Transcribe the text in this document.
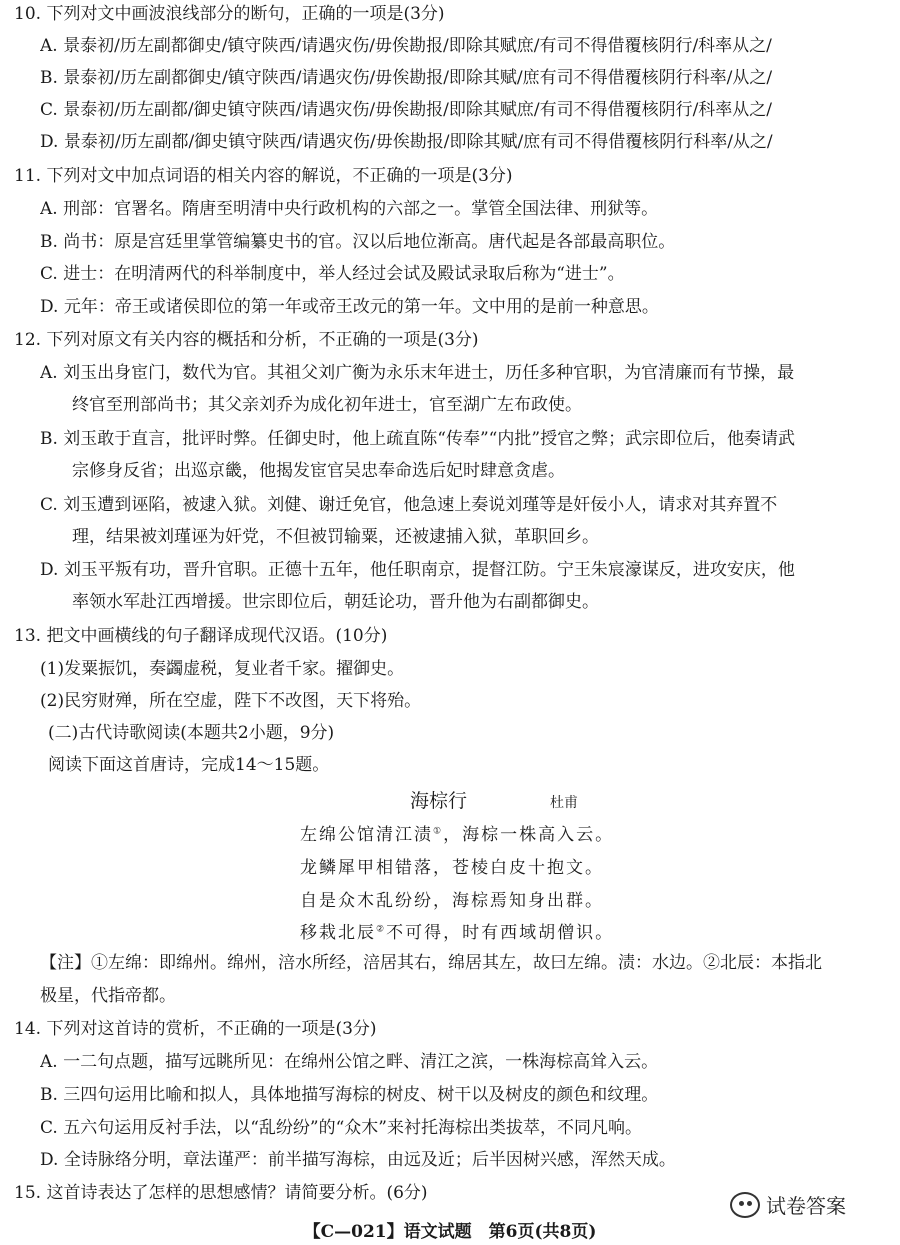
10. 下列对文中画波浪线部分的断句，正确的一项是(3分)
A. 景泰初/历左副都御史/镇守陕西/请遇灾伤/毋俟勘报/即除其赋庶/有司不得借覆核阴行/科率从之/
B. 景泰初/历左副都御史/镇守陕西/请遇灾伤/毋俟勘报/即除其赋/庶有司不得借覆核阴行科率/从之/
C. 景泰初/历左副都/御史镇守陕西/请遇灾伤/毋俟勘报/即除其赋庶/有司不得借覆核阴行/科率从之/
D. 景泰初/历左副都/御史镇守陕西/请遇灾伤/毋俟勘报/即除其赋/庶有司不得借覆核阴行科率/从之/
11. 下列对文中加点词语的相关内容的解说，不正确的一项是(3分)
A. 刑部：官署名。隋唐至明清中央行政机构的六部之一。掌管全国法律、刑狱等。
B. 尚书：原是宫廷里掌管编纂史书的官。汉以后地位渐高。唐代起是各部最高职位。
C. 进士：在明清两代的科举制度中，举人经过会试及殿试录取后称为“进士”。
D. 元年：帝王或诸侯即位的第一年或帝王改元的第一年。文中用的是前一种意思。
12. 下列对原文有关内容的概括和分析，不正确的一项是(3分)
A. 刘玉出身宦门，数代为官。其祖父刘广衡为永乐末年进士，历任多种官职，为官清廉而有节操，最
终官至刑部尚书；其父亲刘乔为成化初年进士，官至湖广左布政使。
B. 刘玉敢于直言，批评时弊。任御史时，他上疏直陈“传奉”“内批”授官之弊；武宗即位后，他奏请武
宗修身反省；出巡京畿，他揭发宦官吴忠奉命选后妃时肆意贪虐。
C. 刘玉遭到诬陷，被逮入狱。刘健、谢迁免官，他急速上奏说刘瑾等是奸佞小人，请求对其弃置不
理，结果被刘瑾诬为奸党，不但被罚输粟，还被逮捕入狱，革职回乡。
D. 刘玉平叛有功，晋升官职。正德十五年，他任职南京，提督江防。宁王朱宸濠谋反，进攻安庆，他
率领水军赴江西增援。世宗即位后，朝廷论功，晋升他为右副都御史。
13. 把文中画横线的句子翻译成现代汉语。(10分)
(1)发粟振饥，奏蠲虚税，复业者千家。擢御史。
(2)民穷财殚，所在空虚，陛下不改图，天下将殆。
(二)古代诗歌阅读(本题共2小题，9分)
阅读下面这首唐诗，完成14～15题。
海棕行	杜甫
左绵公馆清江渍①，海棕一株高入云。
龙鳞犀甲相错落，苍棱白皮十抱文。
自是众木乱纷纷，海棕焉知身出群。
移栽北辰②不可得，时有西域胡僧识。
【注】①左绵：即绵州。绵州，涪水所经，涪居其右，绵居其左，故曰左绵。渍：水边。②北辰：本指北
极星，代指帝都。
14. 下列对这首诗的赏析，不正确的一项是(3分)
A. 一二句点题，描写远眺所见：在绵州公馆之畔、清江之滨，一株海棕高耸入云。
B. 三四句运用比喻和拟人，具体地描写海棕的树皮、树干以及树皮的颜色和纹理。
C. 五六句运用反衬手法，以“乱纷纷”的“众木”来衬托海棕出类拔萃，不同凡响。
D. 全诗脉络分明，章法谨严：前半描写海棕，由远及近；后半因树兴感，浑然天成。
15. 这首诗表达了怎样的思想感情？请简要分析。(6分)
试卷答案
【C—021】语文试题　第6页(共8页)
